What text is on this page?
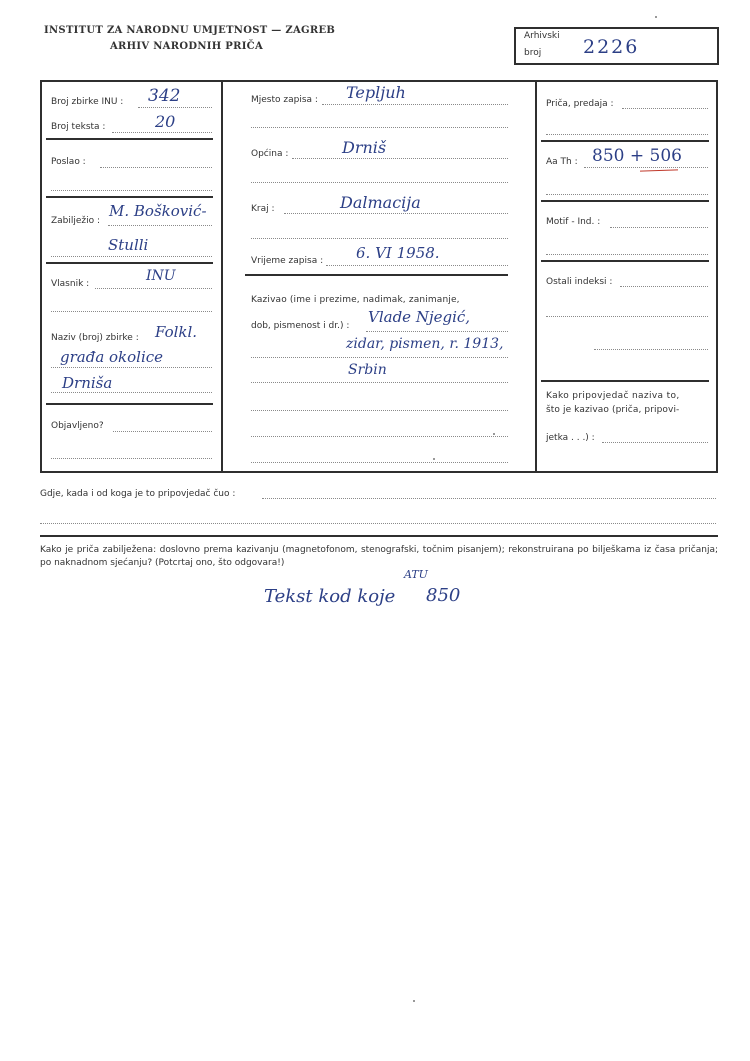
INSTITUT ZA NARODNU UMJETNOST — ZAGREB
ARHIV NARODNIH PRIČA
Arhivski
broj 2226
Broj zbirke INU : 342
Broj teksta :	20
Poslao :
Zabilježio :
M. Bošković-
Stulli
Vlasnik :	INU
Naziv (broj) zbirke : Folkl.
građa okolice
Drniša
Objavljeno?
Mjesto zapisa : Tepljuh
Općina :	Drniš
Kraj :	Dalmacija
Vrijeme zapisa : 6. VI 1958.
Kazivao (ime i prezime, nadimak, zanimanje,
dob, pismenost i dr.) : Vlade Njegić,
zidar, pismen, r. 1913,
Srbin
Priča, predaja :
Aa Th : 850 + 506
Motif - Ind. :
Ostali indeksi :
Kako pripovjedač naziva to,
što je kazivao (priča, pripovi-
jetka . . .) :
Gdje, kada i od koga je to pripovjedač čuo :
Kako je priča zabilježena: doslovno prema kazivanju (magnetofonom, stenografski, točnim pisanjem); rekonstruirana po bilješkama iz časa pričanja; po naknadnom sjećanju? (Potcrtaj ono, što odgovara!)
Tekst kod koje 850
ATU
